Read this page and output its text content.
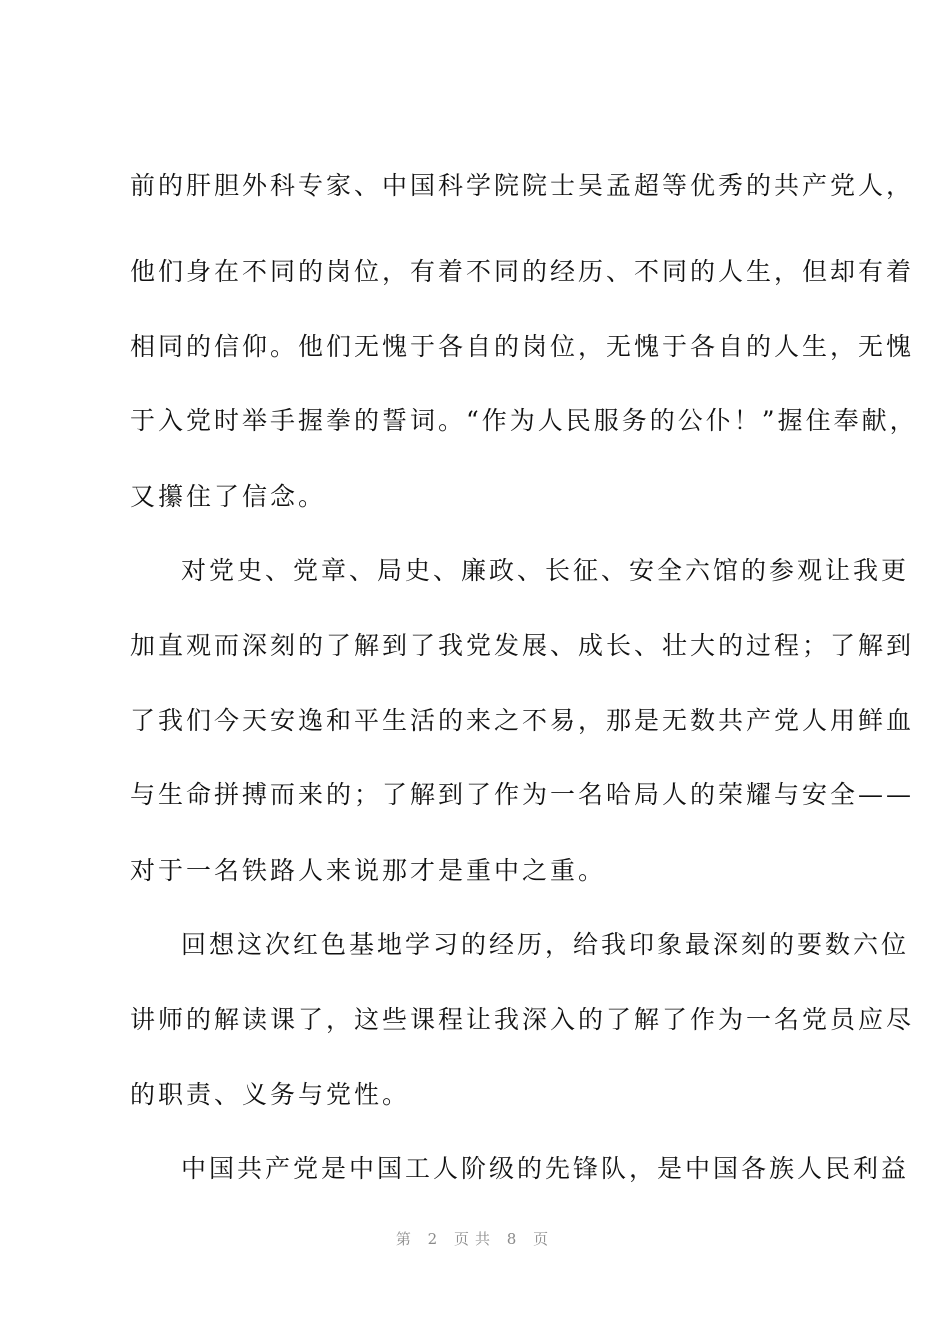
前的肝胆外科专家、中国科学院院士吴孟超等优秀的共产党人，
他们身在不同的岗位，有着不同的经历、不同的人生，但却有着
相同的信仰。他们无愧于各自的岗位，无愧于各自的人生，无愧
于入党时举手握拳的誓词。“作为人民服务的公仆！”握住奉献，
又攥住了信念。
对党史、党章、局史、廉政、长征、安全六馆的参观让我更
加直观而深刻的了解到了我党发展、成长、壮大的过程；了解到
了我们今天安逸和平生活的来之不易，那是无数共产党人用鲜血
与生命拼搏而来的；了解到了作为一名哈局人的荣耀与安全——
对于一名铁路人来说那才是重中之重。
回想这次红色基地学习的经历，给我印象最深刻的要数六位
讲师的解读课了，这些课程让我深入的了解了作为一名党员应尽
的职责、义务与党性。
中国共产党是中国工人阶级的先锋队，是中国各族人民利益
第 2 页共 8 页
